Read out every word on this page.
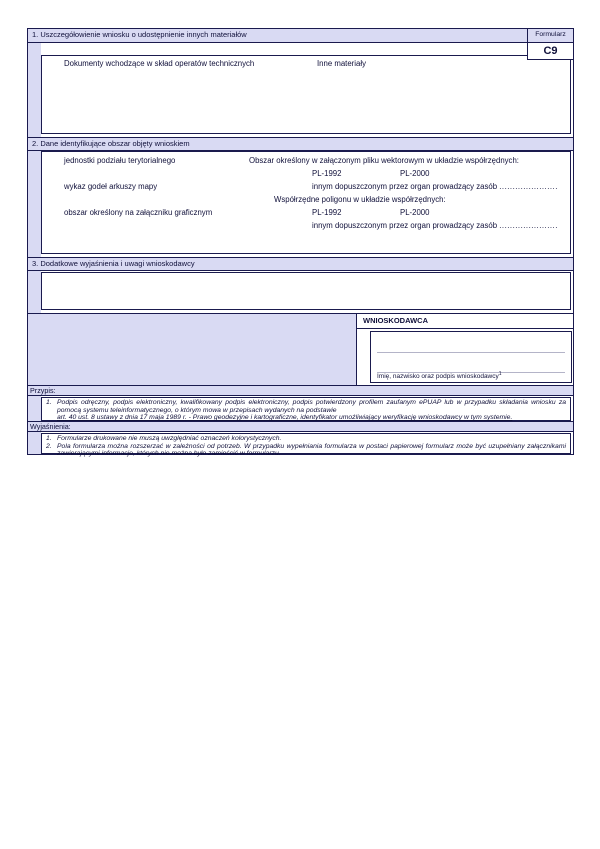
1. Uszczegółowienie wniosku o udostępnienie innych materiałów	Formularz
C9
Dokumenty wchodzące w skład operatów technicznych	Inne materiały
2. Dane identyfikujące obszar objęty wnioskiem
jednostki podziału terytorialnego	Obszar określony w załączonym pliku wektorowym w układzie współrzędnych:
PL-1992	PL-2000
wykaz godeł arkuszy mapy	innym dopuszczonym przez organ prowadzący zasób ......................
Współrzędne poligonu w układzie współrzędnych:
obszar określony na załączniku graficznym	PL-1992	PL-2000
innym dopuszczonym przez organ prowadzący zasób ......................
3. Dodatkowe wyjaśnienia i uwagi wnioskodawcy
WNIOSKODAWCA
Imię, nazwisko oraz podpis wnioskodawcy$^1$
Przypis:
1. Podpis odręczny, podpis elektroniczny, kwalifikowany podpis elektroniczny, podpis potwierdzony profilem zaufanym ePUAP lub w przypadku składania wniosku za pomocą systemu teleinformatycznego, o którym mowa w przepisach wydanych na podstawie
art. 40 ust. 8 ustawy z dnia 17 maja 1989 r. - Prawo geodezyjne i kartograficzne, identyfikator umożliwiający weryfikację wnioskodawcy w tym systemie.
Wyjaśnienia:
1. Formularze drukowane nie muszą uwzględniać oznaczeń kolorystycznych.
2. Pola formularza można rozszerzać w zależności od potrzeb. W przypadku wypełniania formularza w postaci papierowej formularz może być uzupełniany załącznikami zawierającymi informacje, których nie można było zamieścić w formularzu.
